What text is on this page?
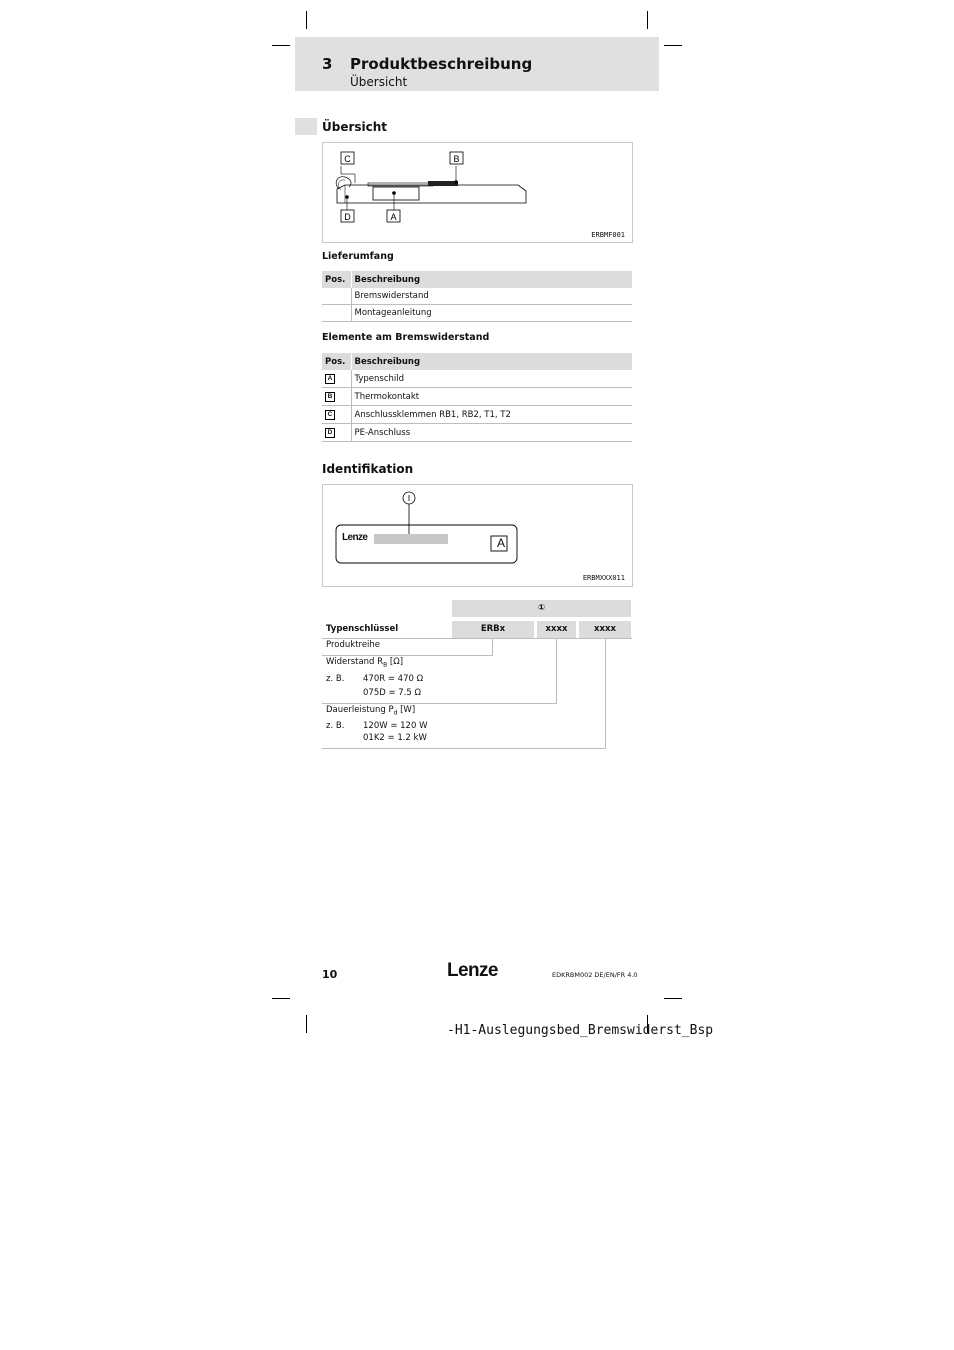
3 Produktbeschreibung
Übersicht
Übersicht
C	B
D	A
ERBMF001
Lieferumfang
Pos.	Beschreibung
	Bremswiderstand
	Montageanleitung
Elemente am Bremswiderstand
Pos.	Beschreibung
A	Typenschild
B	Thermokontakt
C	Anschlussklemmen RB1, RB2, T1, T2
D	PE-Anschluss
Identifikation
Lenze	A
ERBMXXX011
①
Typenschlüssel	ERBx	xxxx	xxxx
Produktreihe
Widerstand $R_B$ [Ω]
z. B. 470R = 470 Ω
075D = 7.5 Ω
Dauerleistung $P_d$ [W]
z. B. 120W = 120 W
01K2 = 1.2 kW
10	Lenze	EDKRBM002 DE/EN/FR 4.0
-H1-Auslegungsbed_Bremswiderst_Bsp
